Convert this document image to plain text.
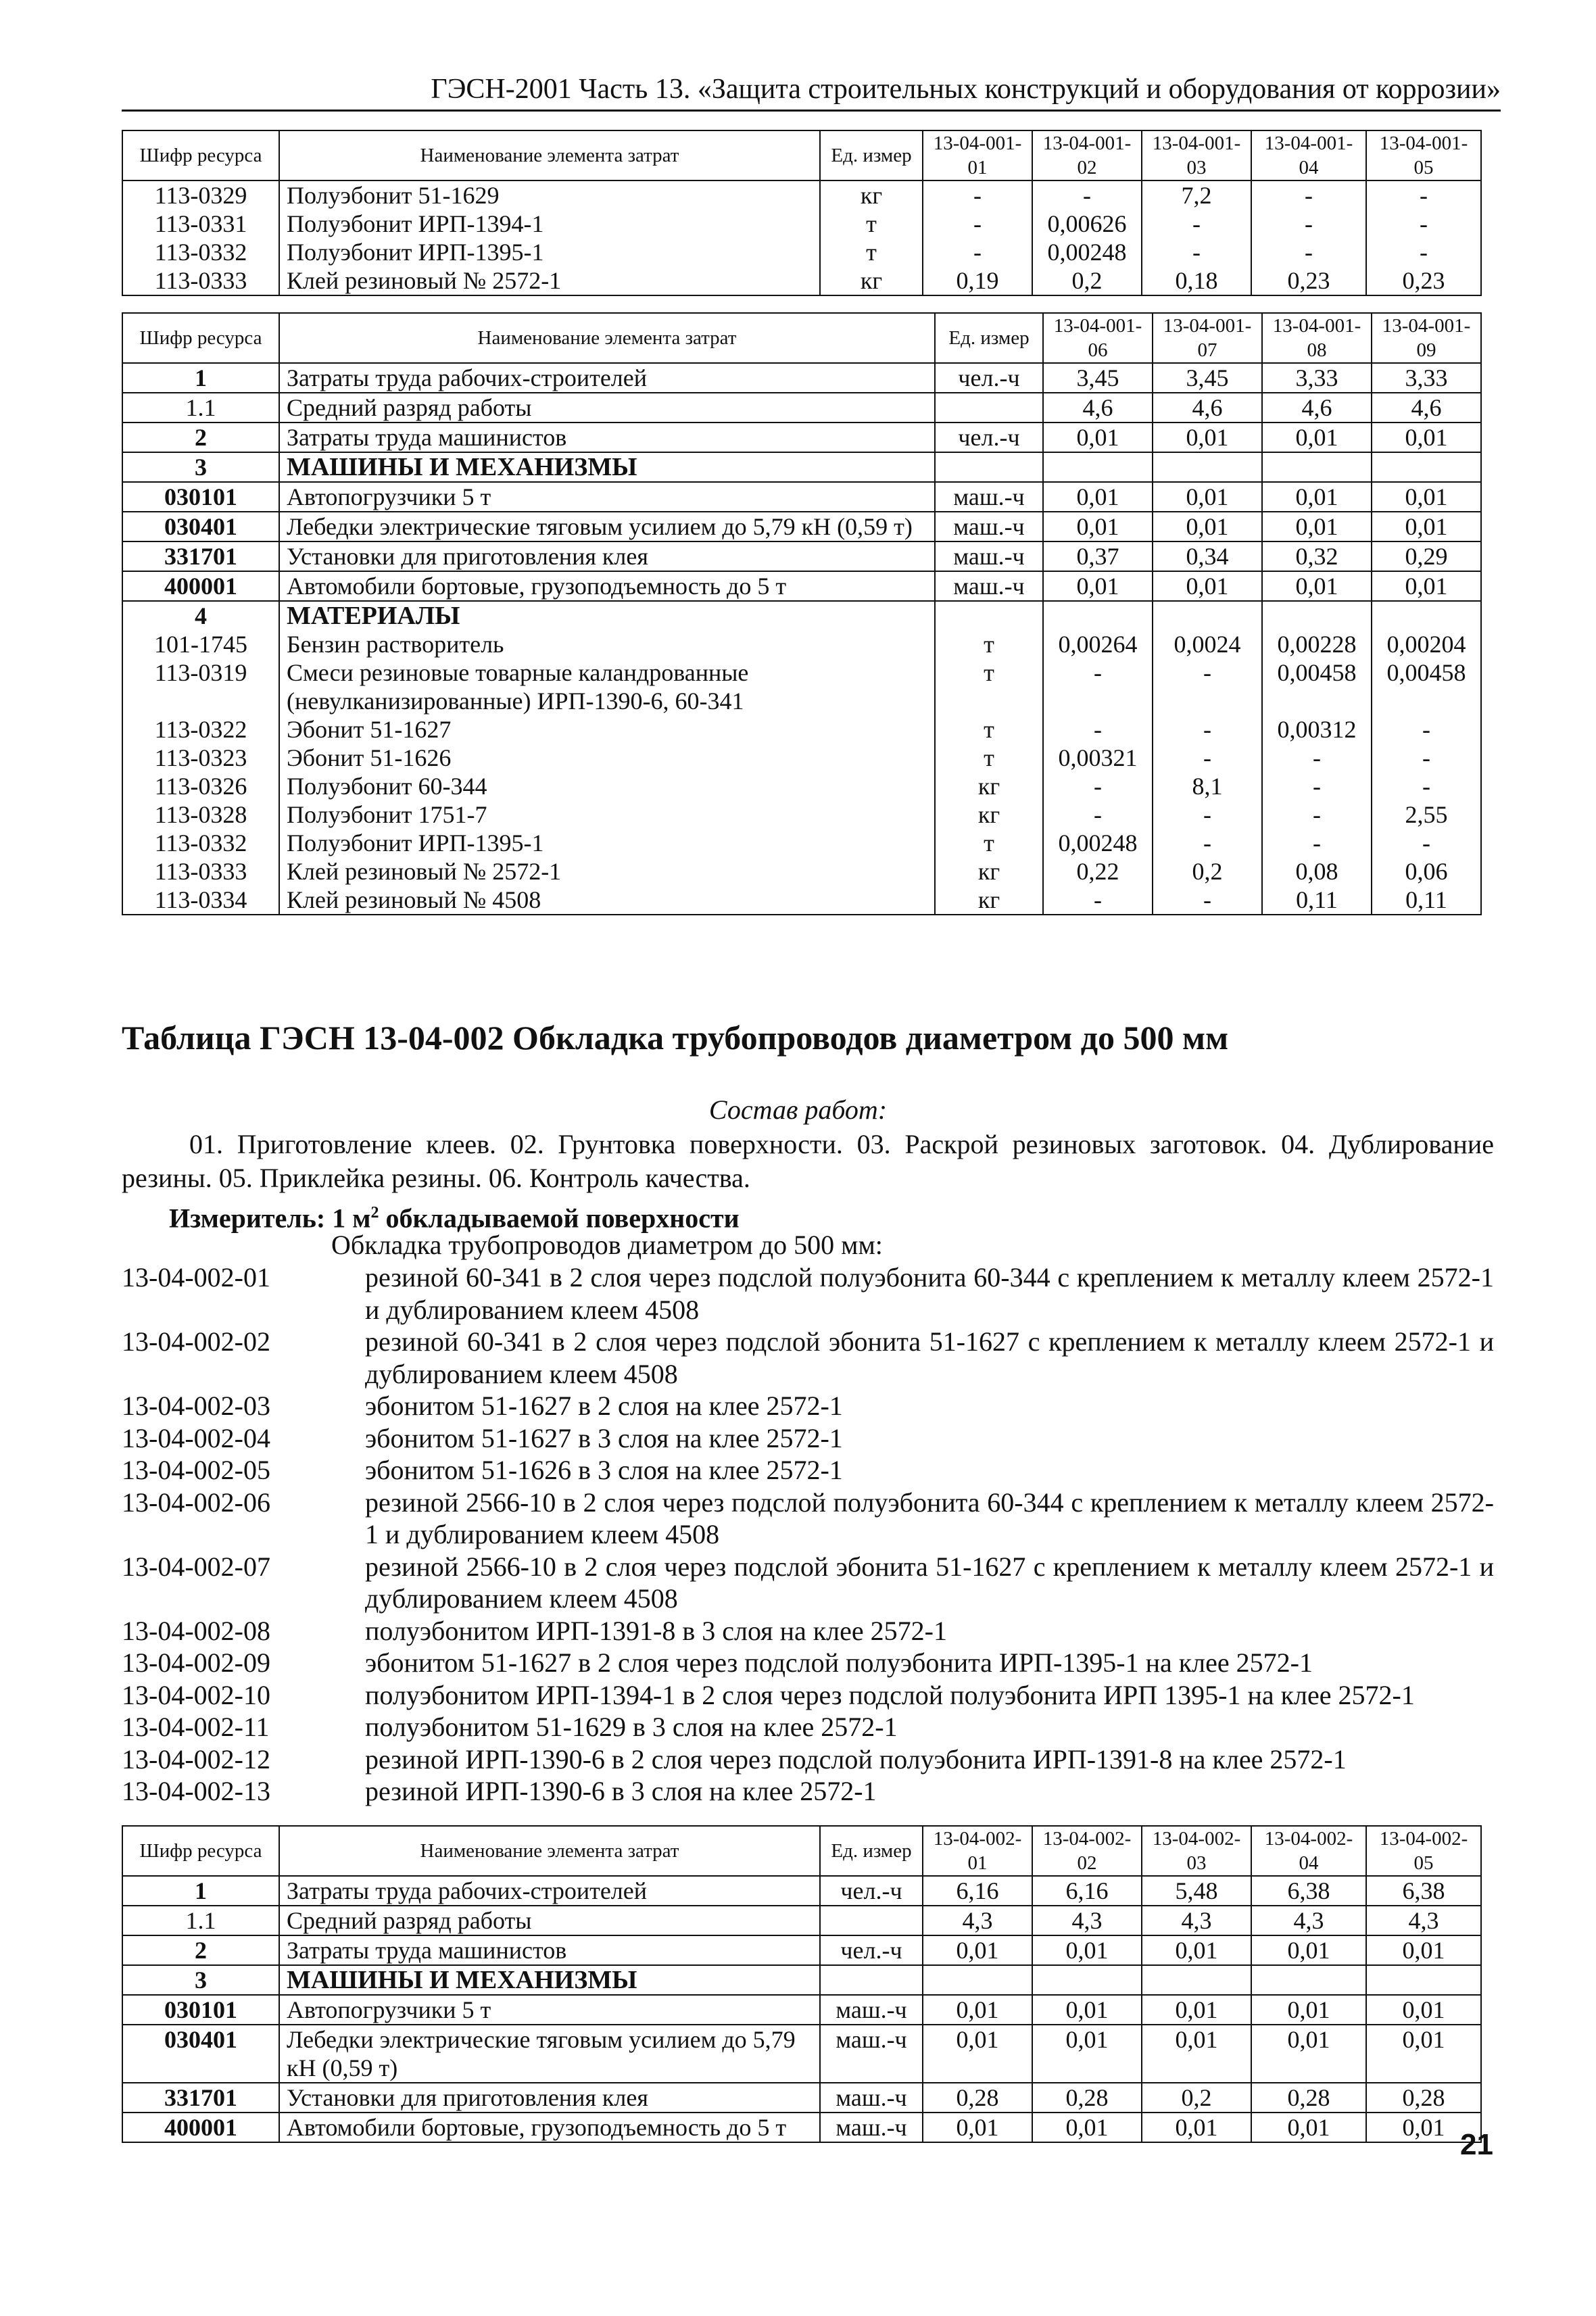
ГЭСН-2001 Часть 13. «Защита строительных конструкций и оборудования от коррозии»
Шифр ресурса	Наименование элемента затрат	Ед. измер	13-04-001-01	13-04-001-02	13-04-001-03	13-04-001-04	13-04-001-05
113-0329	Полуэбонит 51-1629	кг	-	-	7,2	-	-
113-0331	Полуэбонит ИРП-1394-1	т	-	0,00626	-	-	-
113-0332	Полуэбонит ИРП-1395-1	т	-	0,00248	-	-	-
113-0333	Клей резиновый № 2572-1	кг	0,19	0,2	0,18	0,23	0,23
Шифр ресурса	Наименование элемента затрат	Ед. измер	13-04-001-06	13-04-001-07	13-04-001-08	13-04-001-09
1	Затраты труда рабочих-строителей	чел.-ч	3,45	3,45	3,33	3,33
1.1	Средний разряд работы		4,6	4,6	4,6	4,6
2	Затраты труда машинистов	чел.-ч	0,01	0,01	0,01	0,01
3	МАШИНЫ И МЕХАНИЗМЫ					
030101	Автопогрузчики 5 т	маш.-ч	0,01	0,01	0,01	0,01
030401	Лебедки электрические тяговым усилием до 5,79 кН (0,59 т)	маш.-ч	0,01	0,01	0,01	0,01
331701	Установки для приготовления клея	маш.-ч	0,37	0,34	0,32	0,29
400001	Автомобили бортовые, грузоподъемность до 5 т	маш.-ч	0,01	0,01	0,01	0,01
4	МАТЕРИАЛЫ					
101-1745	Бензин растворитель	т	0,00264	0,0024	0,00228	0,00204
113-0319	Смеси резиновые товарные каландрованные (невулканизированные) ИРП-1390-6, 60-341	т	-	-	0,00458	0,00458
113-0322	Эбонит 51-1627	т	-	-	0,00312	-
113-0323	Эбонит 51-1626	т	0,00321	-	-	-
113-0326	Полуэбонит 60-344	кг	-	8,1	-	-
113-0328	Полуэбонит 1751-7	кг	-	-	-	2,55
113-0332	Полуэбонит ИРП-1395-1	т	0,00248	-	-	-
113-0333	Клей резиновый № 2572-1	кг	0,22	0,2	0,08	0,06
113-0334	Клей резиновый № 4508	кг	-	-	0,11	0,11
Таблица ГЭСН 13-04-002 Обкладка трубопроводов диаметром до 500 мм
Состав работ:
01. Приготовление клеев. 02. Грунтовка поверхности. 03. Раскрой резиновых заготовок. 04. Дублирование резины. 05. Приклейка резины. 06. Контроль качества.
Измеритель: 1 $м^2$ обкладываемой поверхности
Обкладка трубопроводов диаметром до 500 мм:
13-04-002-01	резиной 60-341 в 2 слоя через подслой полуэбонита 60-344 с креплением к металлу клеем 2572-1 и дублированием клеем 4508
13-04-002-02	резиной 60-341 в 2 слоя через подслой эбонита 51-1627 с креплением к металлу клеем 2572-1 и дублированием клеем 4508
13-04-002-03	эбонитом 51-1627 в 2 слоя на клее 2572-1
13-04-002-04	эбонитом 51-1627 в 3 слоя на клее 2572-1
13-04-002-05	эбонитом 51-1626 в 3 слоя на клее 2572-1
13-04-002-06	резиной 2566-10 в 2 слоя через подслой полуэбонита 60-344 с креплением к металлу клеем 2572-1 и дублированием клеем 4508
13-04-002-07	резиной 2566-10 в 2 слоя через подслой эбонита 51-1627 с креплением к металлу клеем 2572-1 и дублированием клеем 4508
13-04-002-08	полуэбонитом ИРП-1391-8 в 3 слоя на клее 2572-1
13-04-002-09	эбонитом 51-1627 в 2 слоя через подслой полуэбонита ИРП-1395-1 на клее 2572-1
13-04-002-10	полуэбонитом ИРП-1394-1 в 2 слоя через подслой полуэбонита ИРП 1395-1 на клее 2572-1
13-04-002-11	полуэбонитом 51-1629 в 3 слоя на клее 2572-1
13-04-002-12	резиной ИРП-1390-6 в 2 слоя через подслой полуэбонита ИРП-1391-8 на клее 2572-1
13-04-002-13	резиной ИРП-1390-6 в 3 слоя на клее 2572-1
Шифр ресурса	Наименование элемента затрат	Ед. измер	13-04-002-01	13-04-002-02	13-04-002-03	13-04-002-04	13-04-002-05
1	Затраты труда рабочих-строителей	чел.-ч	6,16	6,16	5,48	6,38	6,38
1.1	Средний разряд работы		4,3	4,3	4,3	4,3	4,3
2	Затраты труда машинистов	чел.-ч	0,01	0,01	0,01	0,01	0,01
3	МАШИНЫ И МЕХАНИЗМЫ						
030101	Автопогрузчики 5 т	маш.-ч	0,01	0,01	0,01	0,01	0,01
030401	Лебедки электрические тяговым усилием до 5,79 кН (0,59 т)	маш.-ч	0,01	0,01	0,01	0,01	0,01
331701	Установки для приготовления клея	маш.-ч	0,28	0,28	0,2	0,28	0,28
400001	Автомобили бортовые, грузоподъемность до 5 т	маш.-ч	0,01	0,01	0,01	0,01	0,01
21
